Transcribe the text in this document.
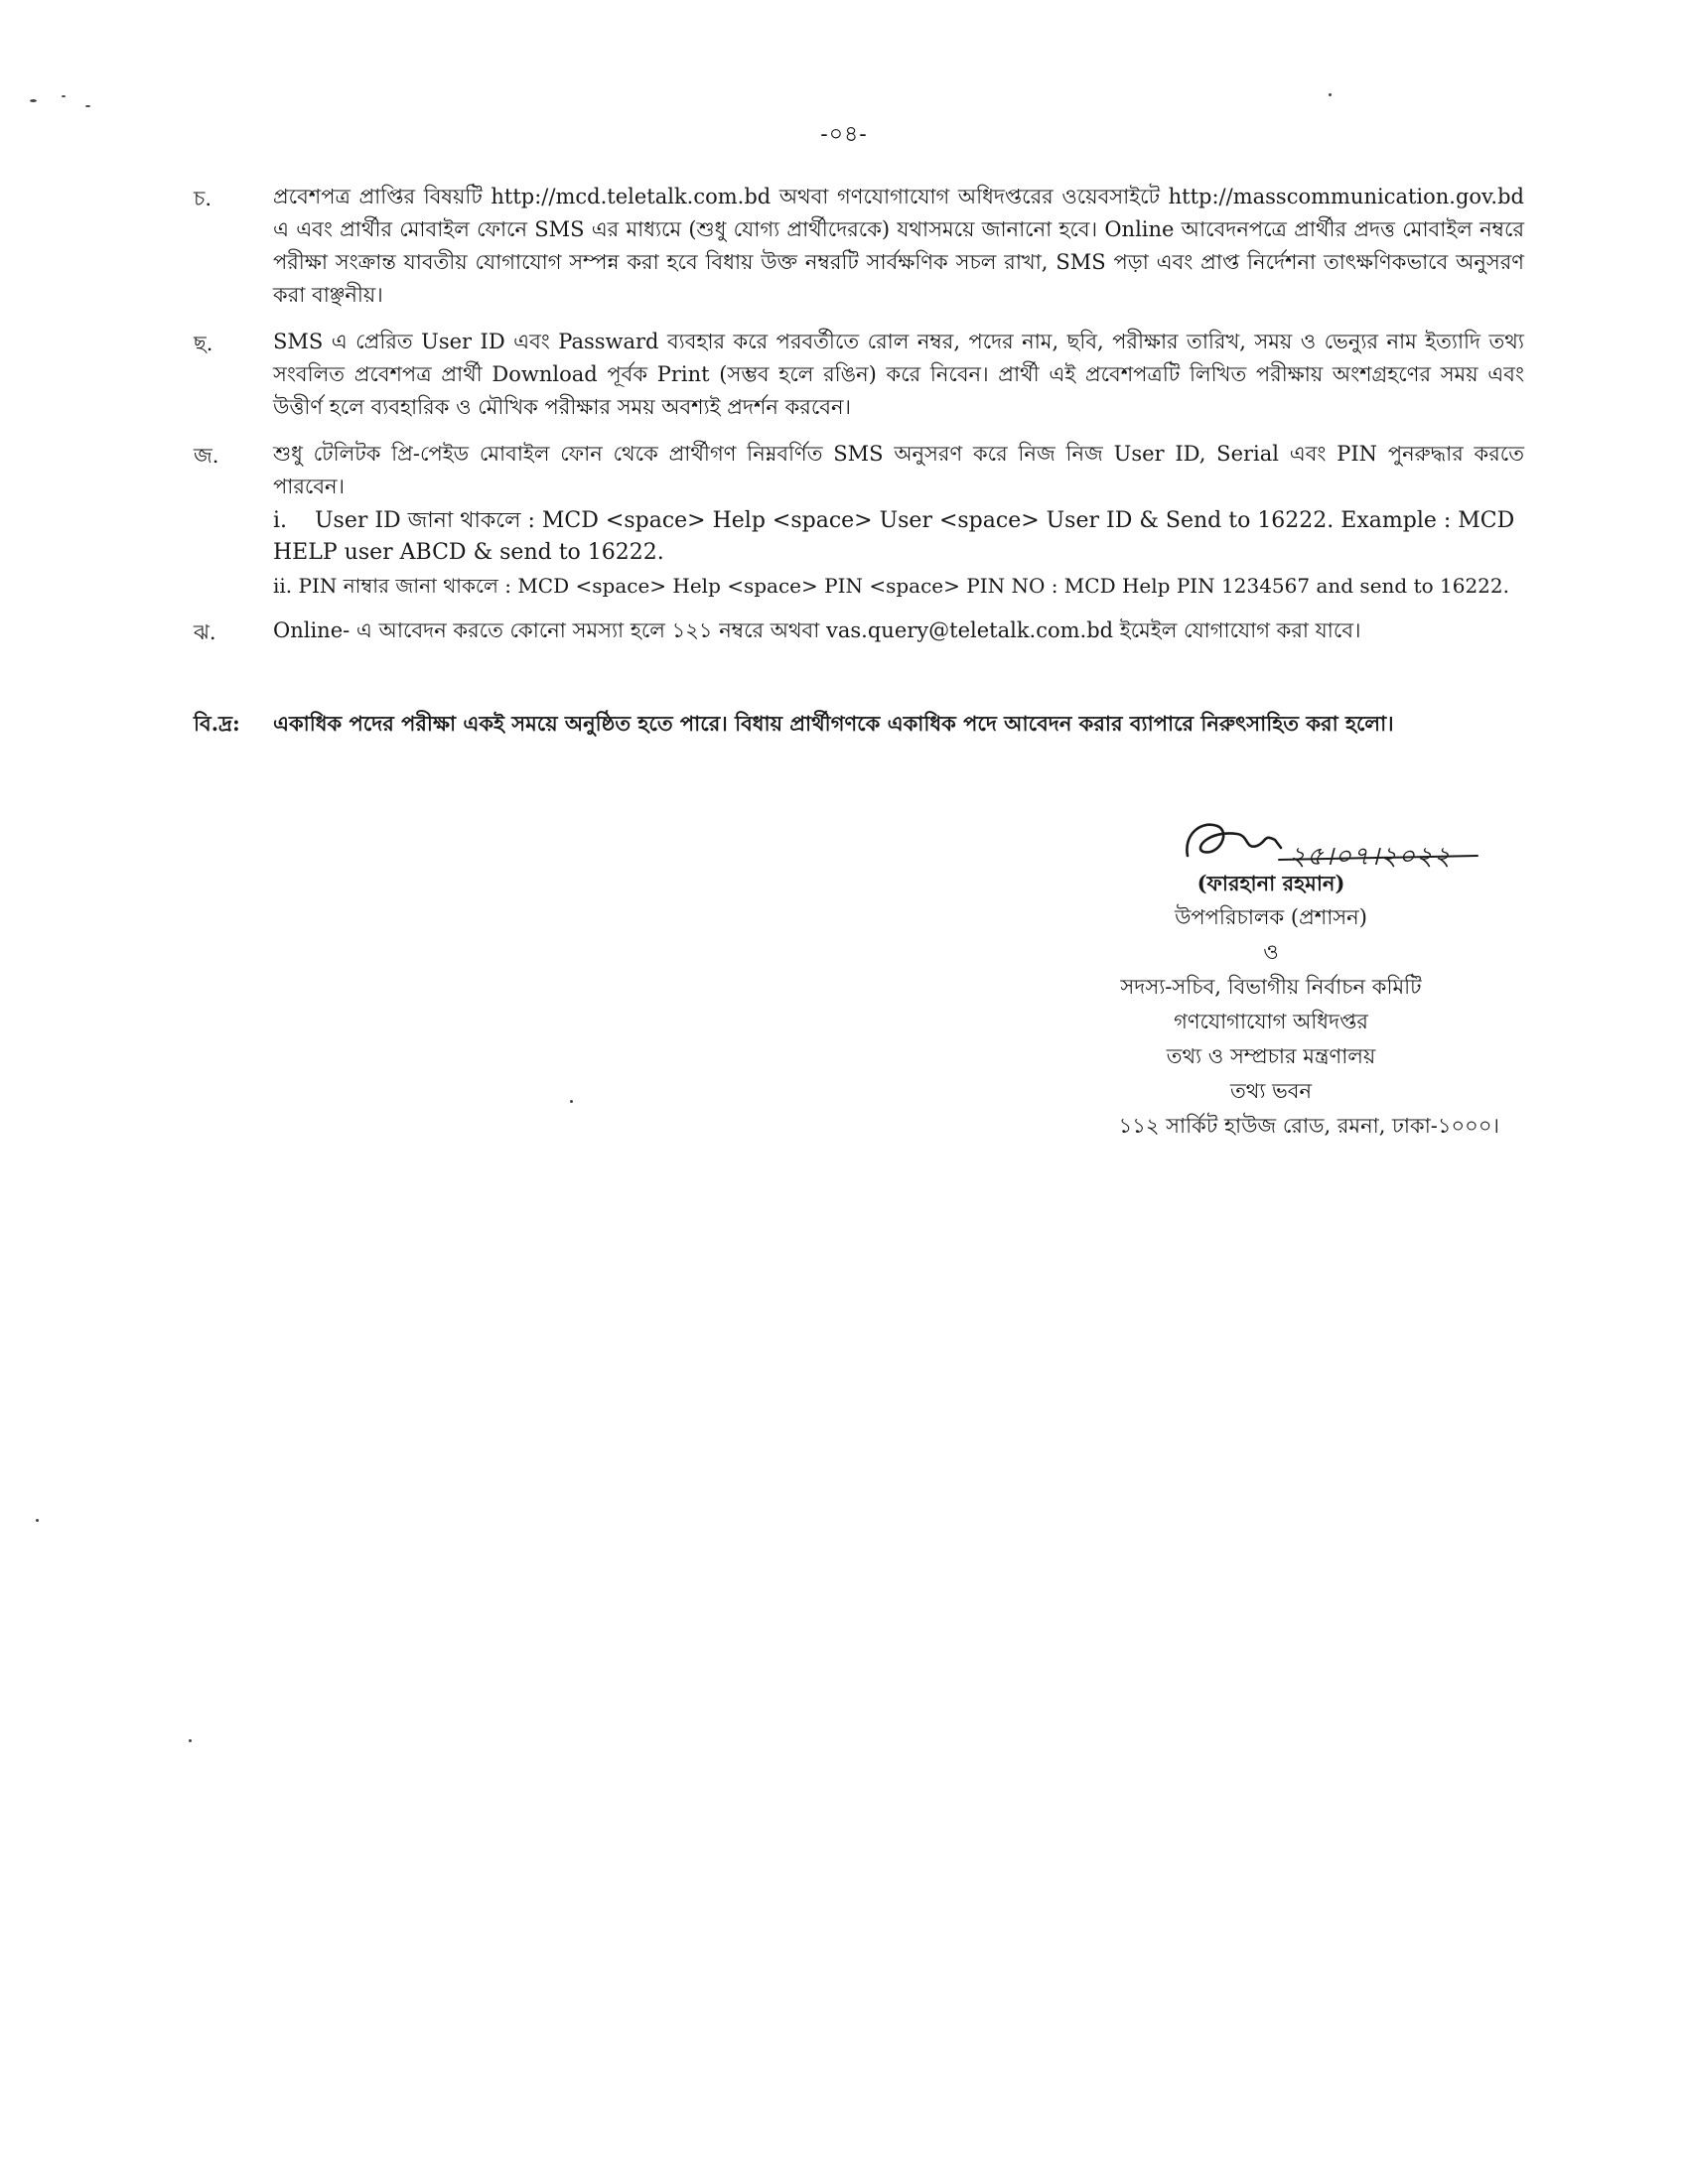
-০৪-
চ.	প্রবেশপত্র প্রাপ্তির বিষয়টি http://mcd.teletalk.com.bd অথবা গণযোগাযোগ অধিদপ্তরের ওয়েবসাইটে http://masscommunication.gov.bd এ এবং প্রার্থীর মোবাইল ফোনে SMS এর মাধ্যমে (শুধু যোগ্য প্রার্থীদেরকে) যথাসময়ে জানানো হবে। Online আবেদনপত্রে প্রার্থীর প্রদত্ত মোবাইল নম্বরে পরীক্ষা সংক্রান্ত যাবতীয় যোগাযোগ সম্পন্ন করা হবে বিধায় উক্ত নম্বরটি সার্বক্ষণিক সচল রাখা, SMS পড়া এবং প্রাপ্ত নির্দেশনা তাৎক্ষণিকভাবে অনুসরণ করা বাঞ্ছনীয়।
ছ.	SMS এ প্রেরিত User ID এবং Passward ব্যবহার করে পরবর্তীতে রোল নম্বর, পদের নাম, ছবি, পরীক্ষার তারিখ, সময় ও ভেন্যুর নাম ইত্যাদি তথ্য সংবলিত প্রবেশপত্র প্রার্থী Download পূর্বক Print (সম্ভব হলে রঙিন) করে নিবেন। প্রার্থী এই প্রবেশপত্রটি লিখিত পরীক্ষায় অংশগ্রহণের সময় এবং উত্তীর্ণ হলে ব্যবহারিক ও মৌখিক পরীক্ষার সময় অবশ্যই প্রদর্শন করবেন।
জ.	শুধু টেলিটক প্রি-পেইড মোবাইল ফোন থেকে প্রার্থীগণ নিম্নবর্ণিত SMS অনুসরণ করে নিজ নিজ User ID, Serial এবং PIN পুনরুদ্ধার করতে পারবেন।
i.    User ID জানা থাকলে : MCD <space> Help <space> User <space> User ID & Send to 16222. Example : MCD HELP user ABCD & send to 16222.
ii. PIN নাম্বার জানা থাকলে : MCD <space> Help <space> PIN <space> PIN NO : MCD Help PIN 1234567 and send to 16222.
ঝ.	Online- এ আবেদন করতে কোনো সমস্যা হলে ১২১ নম্বরে অথবা vas.query@teletalk.com.bd ইমেইল যোগাযোগ করা যাবে।
বি.দ্র: একাধিক পদের পরীক্ষা একই সময়ে অনুষ্ঠিত হতে পারে। বিধায় প্রার্থীগণকে একাধিক পদে আবেদন করার ব্যাপারে নিরুৎসাহিত করা হলো।
২৫।০৭।২০২২
(ফারহানা রহমান)
উপপরিচালক (প্রশাসন)
ও
সদস্য-সচিব, বিভাগীয় নির্বাচন কমিটি
গণযোগাযোগ অধিদপ্তর
তথ্য ও সম্প্রচার মন্ত্রণালয়
তথ্য ভবন
১১২ সার্কিট হাউজ রোড, রমনা, ঢাকা-১০০০।
